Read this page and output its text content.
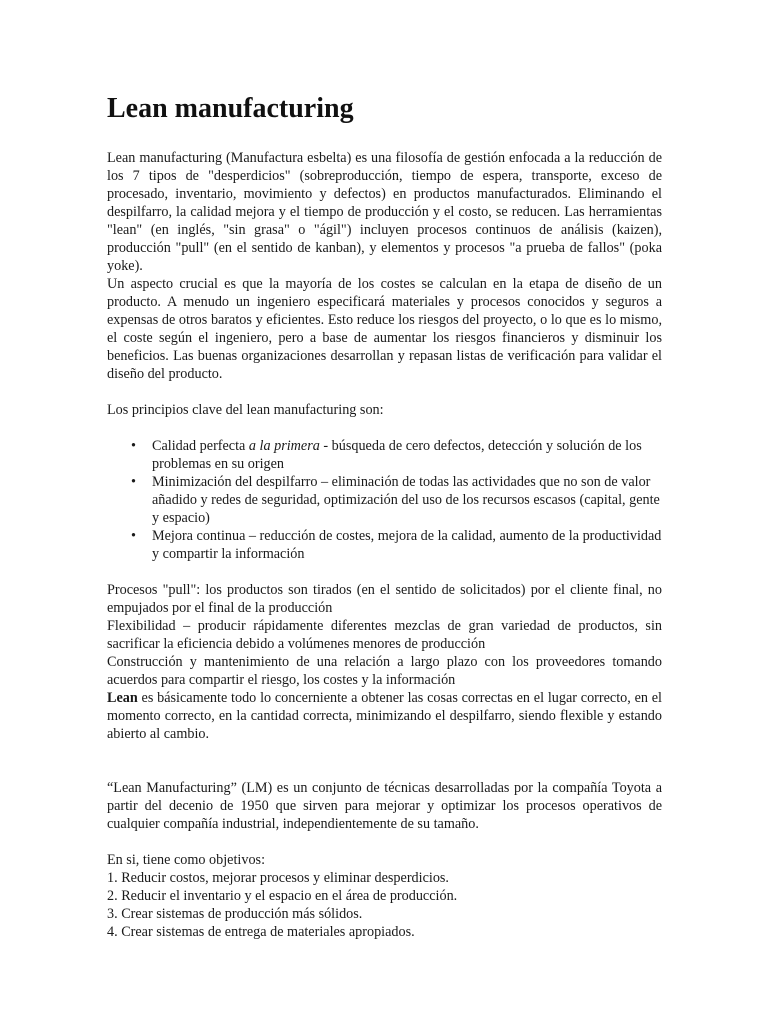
Lean manufacturing

Lean manufacturing (Manufactura esbelta) es una filosofía de gestión enfocada a la reducción de los 7 tipos de "desperdicios" (sobreproducción, tiempo de espera, transporte, exceso de procesado, inventario, movimiento y defectos) en productos manufacturados. Eliminando el despilfarro, la calidad mejora y el tiempo de producción y el costo, se reducen. Las herramientas "lean" (en inglés, "sin grasa" o "ágil") incluyen procesos continuos de análisis (kaizen), producción "pull" (en el sentido de kanban), y elementos y procesos "a prueba de fallos" (poka yoke).

Un aspecto crucial es que la mayoría de los costes se calculan en la etapa de diseño de un producto. A menudo un ingeniero especificará materiales y procesos conocidos y seguros a expensas de otros baratos y eficientes. Esto reduce los riesgos del proyecto, o lo que es lo mismo, el coste según el ingeniero, pero a base de aumentar los riesgos financieros y disminuir los beneficios. Las buenas organizaciones desarrollan y repasan listas de verificación para validar el diseño del producto.

Los principios clave del lean manufacturing son:

• Calidad perfecta a la primera - búsqueda de cero defectos, detección y solución de los problemas en su origen
• Minimización del despilfarro – eliminación de todas las actividades que no son de valor añadido y redes de seguridad, optimización del uso de los recursos escasos (capital, gente y espacio)
• Mejora continua – reducción de costes, mejora de la calidad, aumento de la productividad y compartir la información

Procesos "pull": los productos son tirados (en el sentido de solicitados) por el cliente final, no empujados por el final de la producción

Flexibilidad – producir rápidamente diferentes mezclas de gran variedad de productos, sin sacrificar la eficiencia debido a volúmenes menores de producción

Construcción y mantenimiento de una relación a largo plazo con los proveedores tomando acuerdos para compartir el riesgo, los costes y la información

Lean es básicamente todo lo concerniente a obtener las cosas correctas en el lugar correcto, en el momento correcto, en la cantidad correcta, minimizando el despilfarro, siendo flexible y estando abierto al cambio.

“Lean Manufacturing” (LM) es un conjunto de técnicas desarrolladas por la compañía Toyota a partir del decenio de 1950 que sirven para mejorar y optimizar los procesos operativos de cualquier compañía industrial, independientemente de su tamaño.

En si, tiene como objetivos:

1. Reducir costos, mejorar procesos y eliminar desperdicios.

2. Reducir el inventario y el espacio en el área de producción.

3. Crear sistemas de producción más sólidos.

4. Crear sistemas de entrega de materiales apropiados.
